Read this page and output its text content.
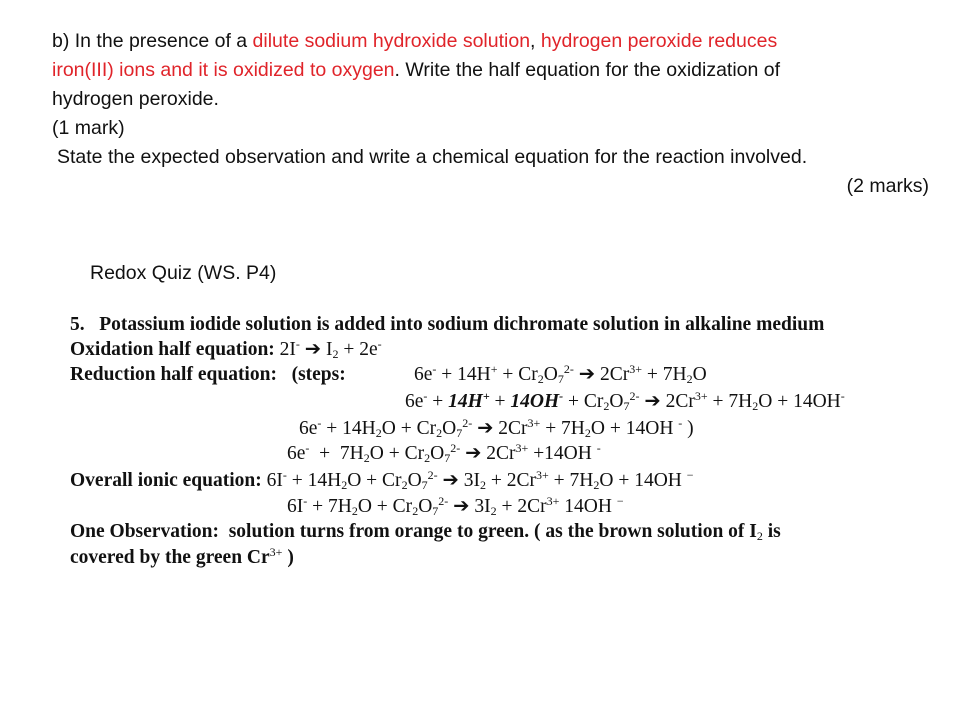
b) In the presence of a dilute sodium hydroxide solution, hydrogen peroxide reduces
iron(III) ions and it is oxidized to oxygen. Write the half equation for the oxidization of
hydrogen peroxide.
(1 mark)
State the expected observation and write a chemical equation for the reaction involved.
(2 marks)
Redox Quiz (WS. P4)
5. Potassium iodide solution is added into sodium dichromate solution in alkaline medium
Oxidation half equation: 2I- ➔ $I_2 + 2e^-$
Reduction half equation: (steps:	$6e^- + 14H^+ + Cr_2O_7^{2-}$ ➔ $2Cr^{3+} + 7H_2O$
$6e^- + 14H^+ + 14OH^- + Cr_2O_7^{2-}$ ➔ $2Cr^{3+} + 7H_2O + 14OH^-$
$6e^- + 14H_2O + Cr_2O_7^{2-}$ ➔ $2Cr^{3+} + 7H_2O + 14OH$ - )
$6e^- + 7H_2O + Cr_2O_7^{2-}$ ➔ $2Cr^{3+} +14OH$ -
Overall ionic equation: $6I^- + 14H_2O + Cr_2O_7^{2-}$ ➔ $3I_2 + 2Cr^{3+} + 7H_2O + 14OH$ −
$6I^- + 7H_2O + Cr_2O_7^{2-}$ ➔ $3I_2 + 2Cr^{3+}$ 14OH −
One Observation: solution turns from orange to green. ( as the brown solution of $I_2$ is
covered by the green $Cr^{3+}$ )
